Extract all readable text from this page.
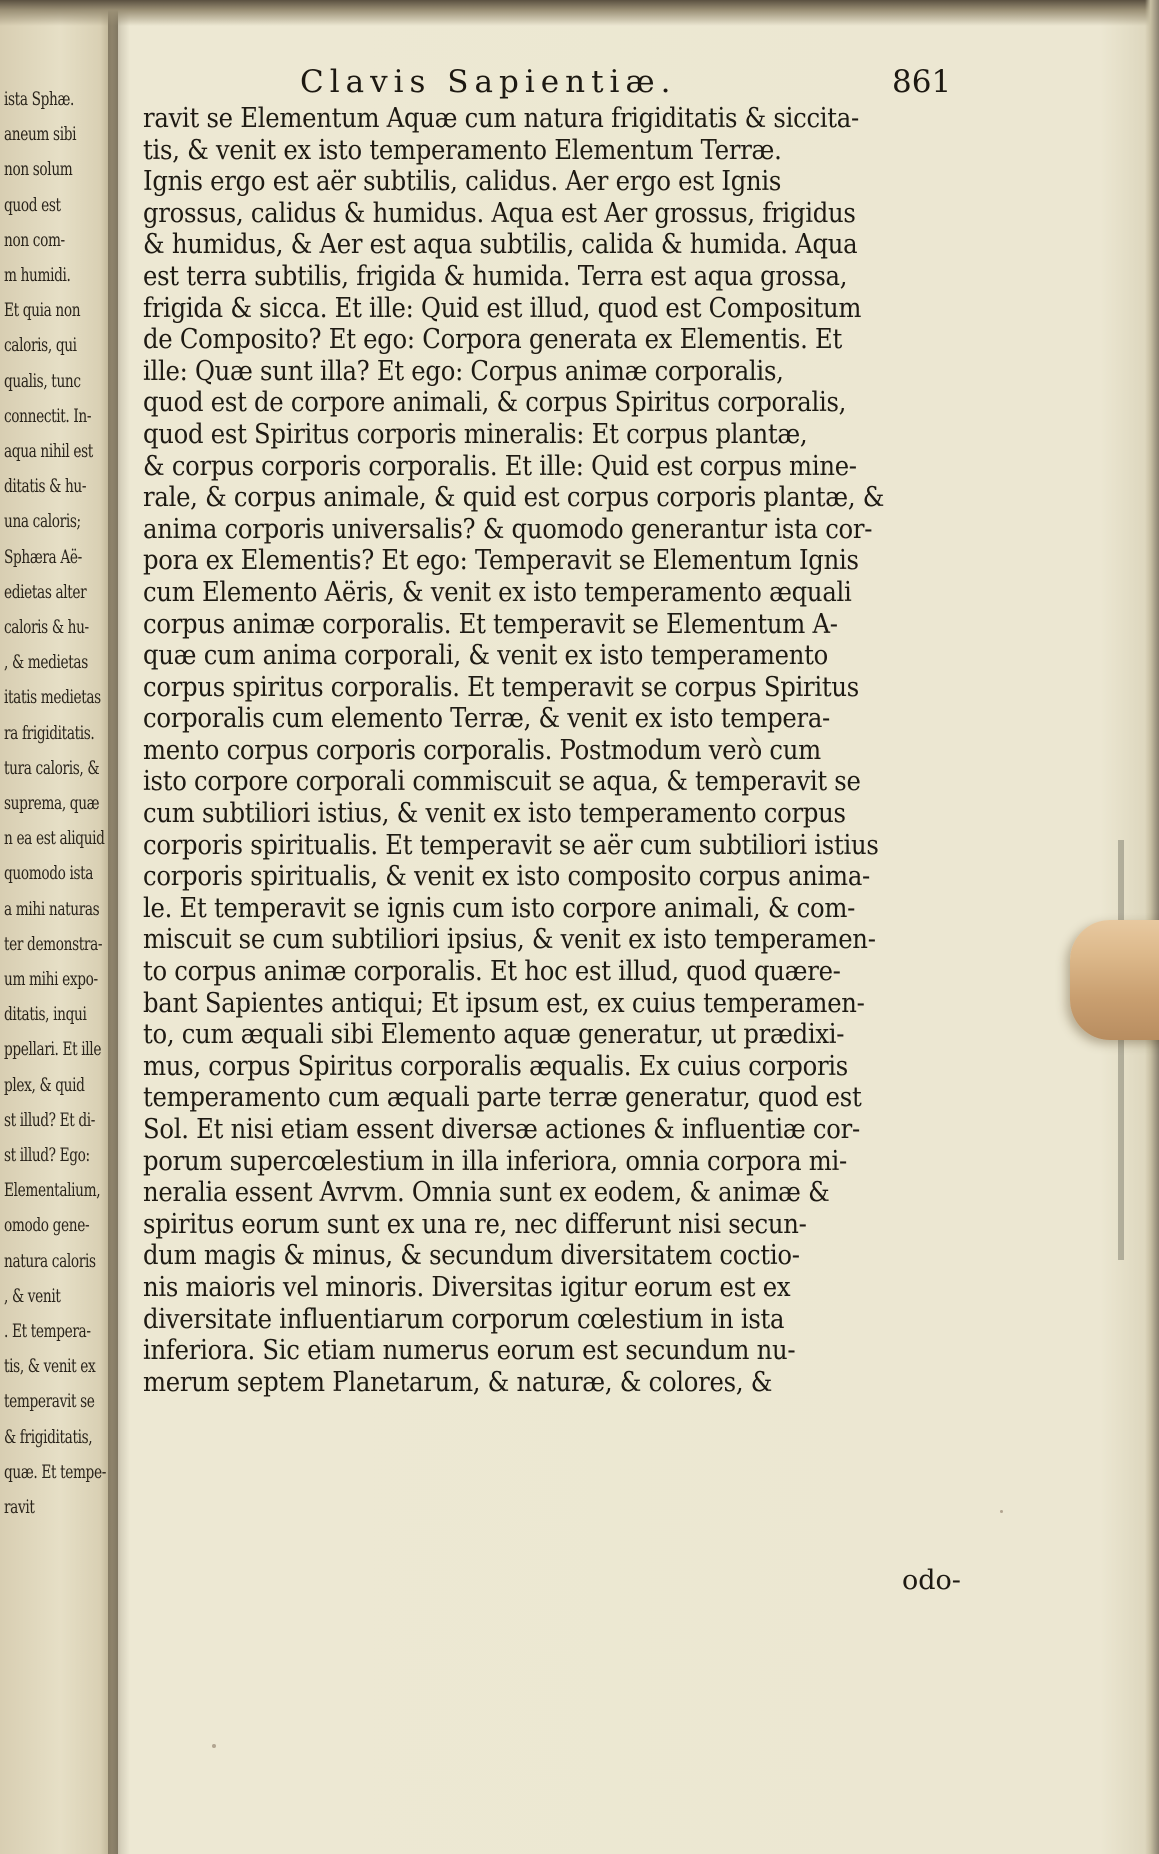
ista Sphæ.
aneum sibi
non solum
quod est
non com-
m humidi.
Et quia non
caloris, qui
qualis, tunc
connectit. In-
aqua nihil est
ditatis & hu-
una caloris;
Sphæra Aë-
edietas alter
caloris & hu-
, & medietas
itatis medietas
ra frigiditatis.
tura caloris, &
suprema, quæ
n ea est aliquid
quomodo ista
a mihi naturas
ter demonstra-
um mihi expo-
ditatis, inqui
ppellari. Et ille
plex, & quid
st illud? Et di-
st illud? Ego:
Elementalium,
omodo gene-
natura caloris
, & venit
. Et tempera-
tis, & venit ex
temperavit se
& frigiditatis,
quæ. Et tempe-
ravit
Clavis Sapientiæ.	861
ravit se Elementum Aquæ cum natura frigiditatis & siccita-
tis, & venit ex isto temperamento Elementum Terræ.
Ignis ergo est aër subtilis, calidus. Aer ergo est Ignis
grossus, calidus & humidus. Aqua est Aer grossus, frigidus
& humidus, & Aer est aqua subtilis, calida & humida. Aqua
est terra subtilis, frigida & humida. Terra est aqua grossa,
frigida & sicca. Et ille: Quid est illud, quod est Compositum
de Composito? Et ego: Corpora generata ex Elementis. Et
ille: Quæ sunt illa? Et ego: Corpus animæ corporalis,
quod est de corpore animali, & corpus Spiritus corporalis,
quod est Spiritus corporis mineralis: Et corpus plantæ,
& corpus corporis corporalis. Et ille: Quid est corpus mine-
rale, & corpus animale, & quid est corpus corporis plantæ, &
anima corporis universalis? & quomodo generantur ista cor-
pora ex Elementis? Et ego: Temperavit se Elementum Ignis
cum Elemento Aëris, & venit ex isto temperamento æquali
corpus animæ corporalis. Et temperavit se Elementum A-
quæ cum anima corporali, & venit ex isto temperamento
corpus spiritus corporalis. Et temperavit se corpus Spiritus
corporalis cum elemento Terræ, & venit ex isto tempera-
mento corpus corporis corporalis. Postmodum verò cum
isto corpore corporali commiscuit se aqua, & temperavit se
cum subtiliori istius, & venit ex isto temperamento corpus
corporis spiritualis. Et temperavit se aër cum subtiliori istius
corporis spiritualis, & venit ex isto composito corpus anima-
le. Et temperavit se ignis cum isto corpore animali, & com-
miscuit se cum subtiliori ipsius, & venit ex isto temperamen-
to corpus animæ corporalis. Et hoc est illud, quod quære-
bant Sapientes antiqui; Et ipsum est, ex cuius temperamen-
to, cum æquali sibi Elemento aquæ generatur, ut prædixi-
mus, corpus Spiritus corporalis æqualis. Ex cuius corporis
temperamento cum æquali parte terræ generatur, quod est
Sol. Et nisi etiam essent diversæ actiones & influentiæ cor-
porum supercœlestium in illa inferiora, omnia corpora mi-
neralia essent Avrvm. Omnia sunt ex eodem, & animæ &
spiritus eorum sunt ex una re, nec differunt nisi secun-
dum magis & minus, & secundum diversitatem coctio-
nis maioris vel minoris. Diversitas igitur eorum est ex
diversitate influentiarum corporum cœlestium in ista
inferiora. Sic etiam numerus eorum est secundum nu-
merum septem Planetarum, & naturæ, & colores, &
odo-
